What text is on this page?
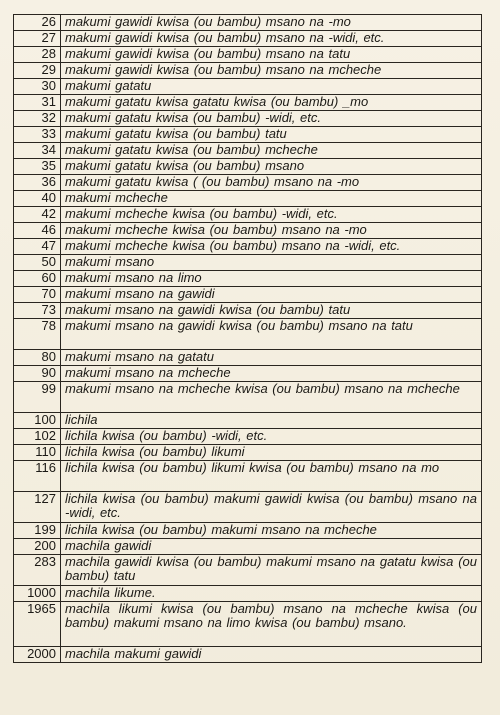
26	makumi gawidi kwisa (ou bambu) msano na -mo
27	makumi gawidi kwisa (ou bambu) msano na -widi, etc.
28	makumi gawidi kwisa (ou bambu) msano na tatu
29	makumi gawidi kwisa (ou bambu) msano na mcheche
30	makumi gatatu
31	makumi gatatu kwisa gatatu kwisa (ou bambu) _mo
32	makumi gatatu kwisa (ou bambu) -widi, etc.
33	makumi gatatu kwisa (ou bambu) tatu
34	makumi gatatu kwisa (ou bambu) mcheche
35	makumi gatatu kwisa (ou bambu) msano
36	makumi gatatu kwisa ( (ou bambu) msano na -mo
40	makumi mcheche
42	makumi mcheche kwisa (ou bambu) -widi, etc.
46	makumi mcheche kwisa (ou bambu) msano na -mo
47	makumi mcheche kwisa (ou bambu) msano na -widi, etc.
50	makumi msano
60	makumi msano na limo
70	makumi msano na gawidi
73	makumi msano na gawidi kwisa (ou bambu) tatu
78	makumi msano na gawidi kwisa (ou bambu) msano na tatu
80	makumi msano na gatatu
90	makumi msano na mcheche
99	makumi msano na mcheche kwisa (ou bambu) msano na mcheche
100	lichila
102	lichila kwisa (ou bambu) -widi, etc.
110	lichila kwisa (ou bambu) likumi
116	lichila kwisa (ou bambu) likumi kwisa (ou bambu) msano na mo
127	lichila kwisa (ou bambu) makumi gawidi kwisa (ou bambu) msano na -widi, etc.
199	lichila kwisa (ou bambu) makumi msano na mcheche
200	machila gawidi
283	machila gawidi kwisa (ou bambu) makumi msano na gatatu kwisa (ou bambu) tatu
1000	machila likume.
1965	machila likumi kwisa (ou bambu) msano na mcheche kwisa (ou bambu) makumi msano na limo kwisa (ou bambu) msano.
2000	machila makumi gawidi
